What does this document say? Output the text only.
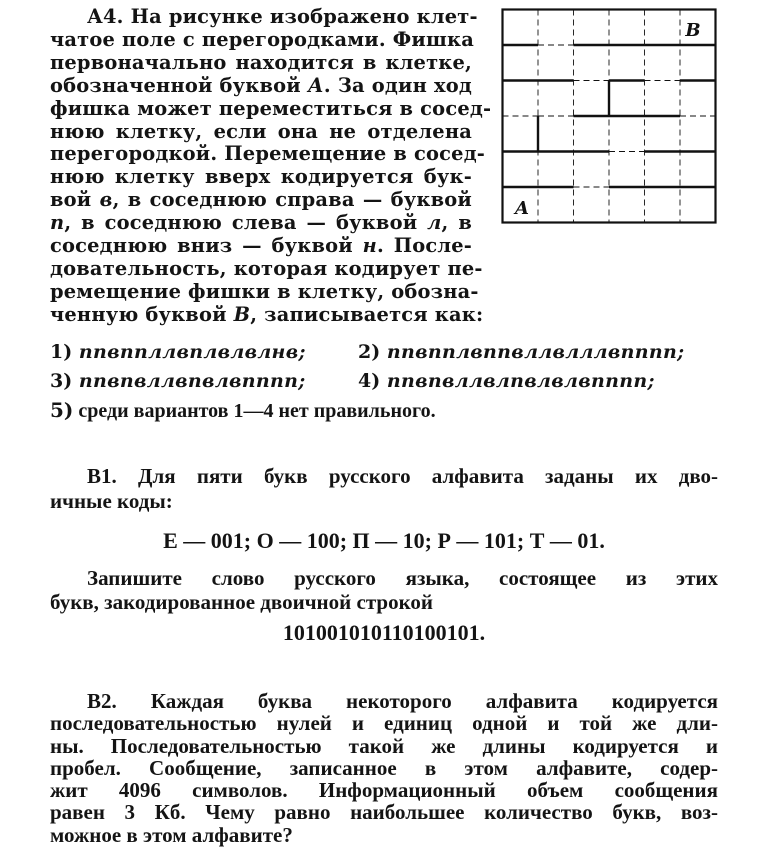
А4. На рисунке изображено клет-
чатое поле с перегородками. Фишка
первоначально находится в клетке,
обозначенной буквой А. За один ход
фишка может переместиться в сосед-
нюю клетку, если она не отделена
перегородкой. Перемещение в сосед-
нюю клетку вверх кодируется бук-
вой в, в соседнюю справа — буквой
п, в соседнюю слева — буквой л, в
соседнюю вниз — буквой н. После-
довательность, которая кодирует пе-
ремещение фишки в клетку, обозна-
ченную буквой В, записывается как:
B
A
1) ппвппллвплвлвлнв;	2) ппвпплвппвллвлллвпппп;
3) ппвпвллвпвлвпппп;	4) ппвпвллвлпвлвлвпппп;
5) среди вариантов 1—4 нет правильного.
В1. Для пяти букв русского алфавита заданы их дво-
ичные коды:
Е — 001; О — 100; П — 10; Р — 101; Т — 01.
Запишите слово русского языка, состоящее из этих
букв, закодированное двоичной строкой
101001010110100101.
В2. Каждая буква некоторого алфавита кодируется
последовательностью нулей и единиц одной и той же дли-
ны. Последовательностью такой же длины кодируется и
пробел. Сообщение, записанное в этом алфавите, содер-
жит 4096 символов. Информационный объем сообщения
равен 3 Кб. Чему равно наибольшее количество букв, воз-
можное в этом алфавите?
